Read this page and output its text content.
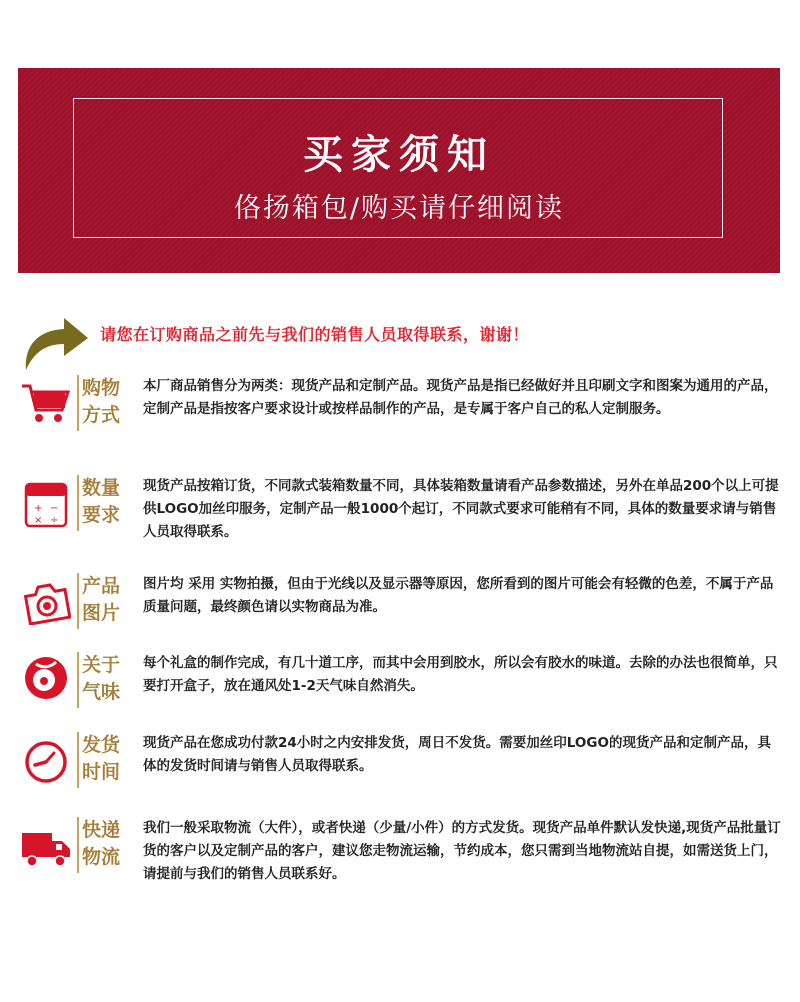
买家须知
佫扬箱包/购买请仔细阅读
请您在订购商品之前先与我们的销售人员取得联系，谢谢！
购物
方式
本厂商品销售分为两类：现货产品和定制产品。现货产品是指已经做好并且印刷文字和图案为通用的产品，定制产品是指按客户要求设计或按样品制作的产品，是专属于客户自己的私人定制服务。
+ −
× ÷
数量
要求
现货产品按箱订货，不同款式装箱数量不同，具体装箱数量请看产品参数描述，另外在单品200个以上可提供LOGO加丝印服务，定制产品一般1000个起订，不同款式要求可能稍有不同，具体的数量要求请与销售人员取得联系。
产品
图片
图片均 采用 实物拍摄，但由于光线以及显示器等原因，您所看到的图片可能会有轻微的色差，不属于产品质量问题，最终颜色请以实物商品为准。
关于
气味
每个礼盒的制作完成，有几十道工序，而其中会用到胶水，所以会有胶水的味道。去除的办法也很简单，只要打开盒子，放在通风处1-2天气味自然消失。
发货
时间
现货产品在您成功付款24小时之内安排发货，周日不发货。需要加丝印LOGO的现货产品和定制产品，具体的发货时间请与销售人员取得联系。
快递
物流
我们一般采取物流（大件），或者快递（少量/小件）的方式发货。现货产品单件默认发快递,现货产品批量订货的客户以及定制产品的客户，建议您走物流运输，节约成本，您只需到当地物流站自提，如需送货上门，请提前与我们的销售人员联系好。
